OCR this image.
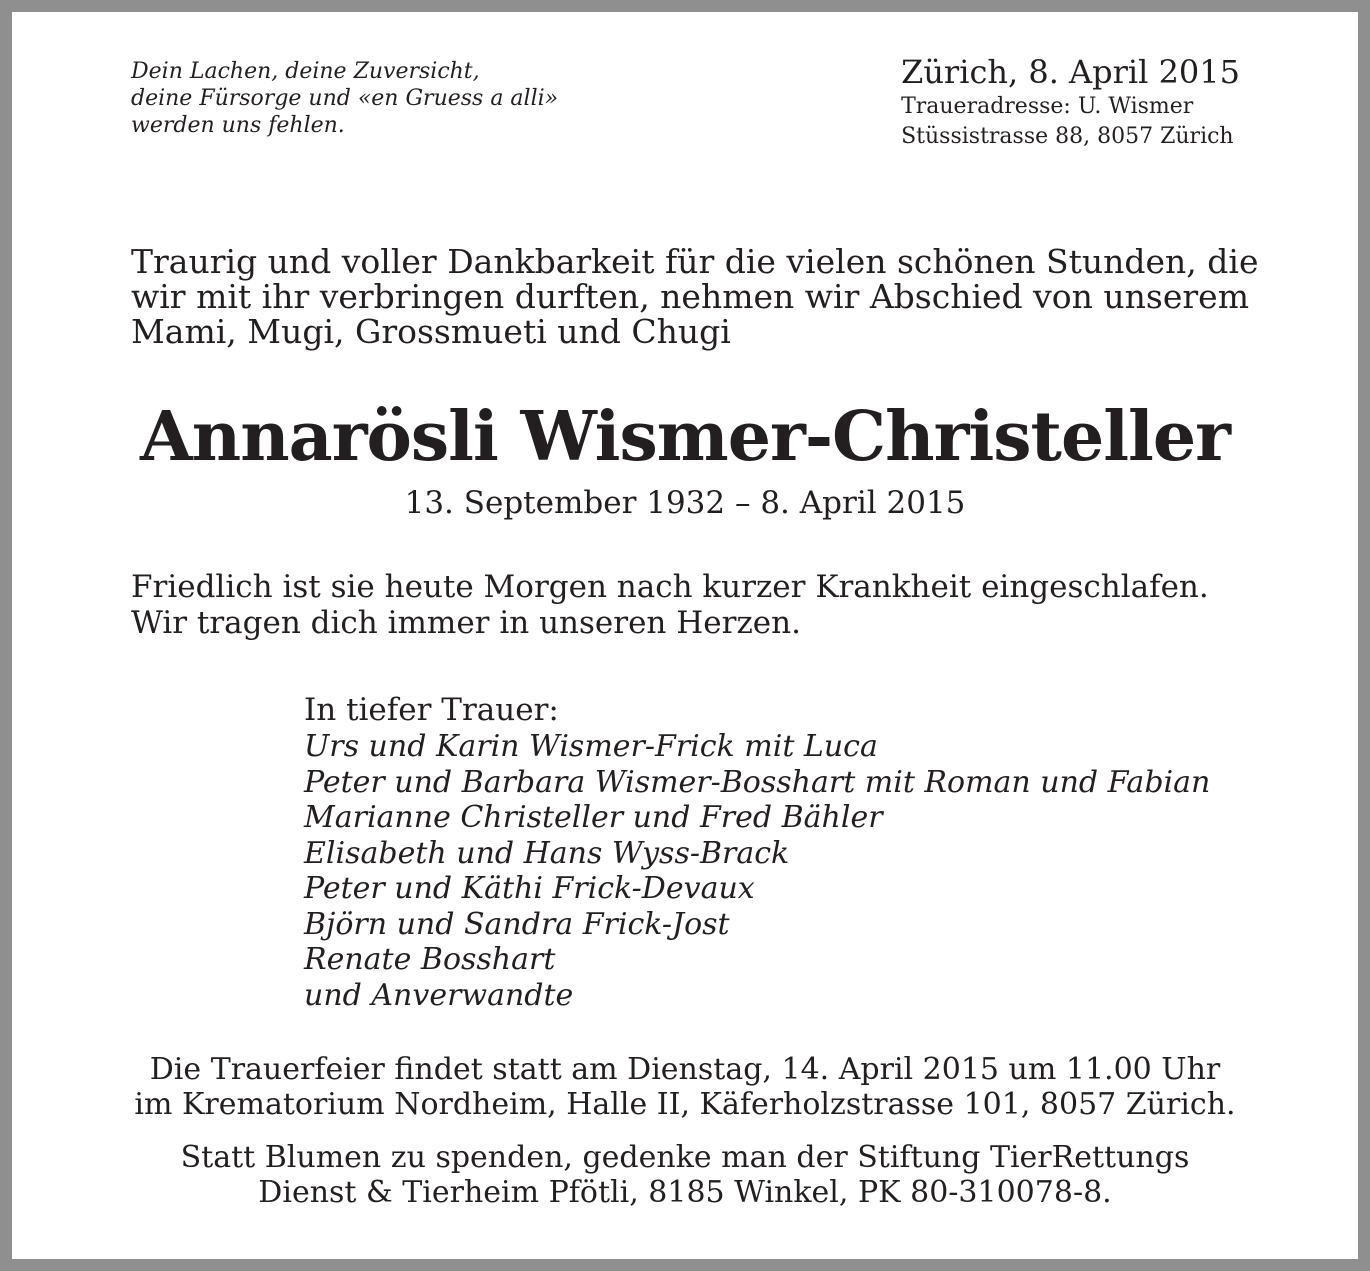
Dein Lachen, deine Zuversicht,
deine Fürsorge und «en Gruess a alli»
werden uns fehlen.
Zürich, 8. April 2015
Traueradresse: U. Wismer
Stüssistrasse 88, 8057 Zürich
Traurig und voller Dankbarkeit für die vielen schönen Stunden, die
wir mit ihr verbringen durften, nehmen wir Abschied von unserem
Mami, Mugi, Grossmueti und Chugi
Annarösli Wismer-Christeller
13. September 1932 – 8. April 2015
Friedlich ist sie heute Morgen nach kurzer Krankheit eingeschlafen.
Wir tragen dich immer in unseren Herzen.
In tiefer Trauer:
Urs und Karin Wismer-Frick mit Luca
Peter und Barbara Wismer-Bosshart mit Roman und Fabian
Marianne Christeller und Fred Bähler
Elisabeth und Hans Wyss-Brack
Peter und Käthi Frick-Devaux
Björn und Sandra Frick-Jost
Renate Bosshart
und Anverwandte
Die Trauerfeier findet statt am Dienstag, 14. April 2015 um 11.00 Uhr
im Krematorium Nordheim, Halle II, Käferholzstrasse 101, 8057 Zürich.
Statt Blumen zu spenden, gedenke man der Stiftung TierRettungs
Dienst & Tierheim Pfötli, 8185 Winkel, PK 80-310078-8.
